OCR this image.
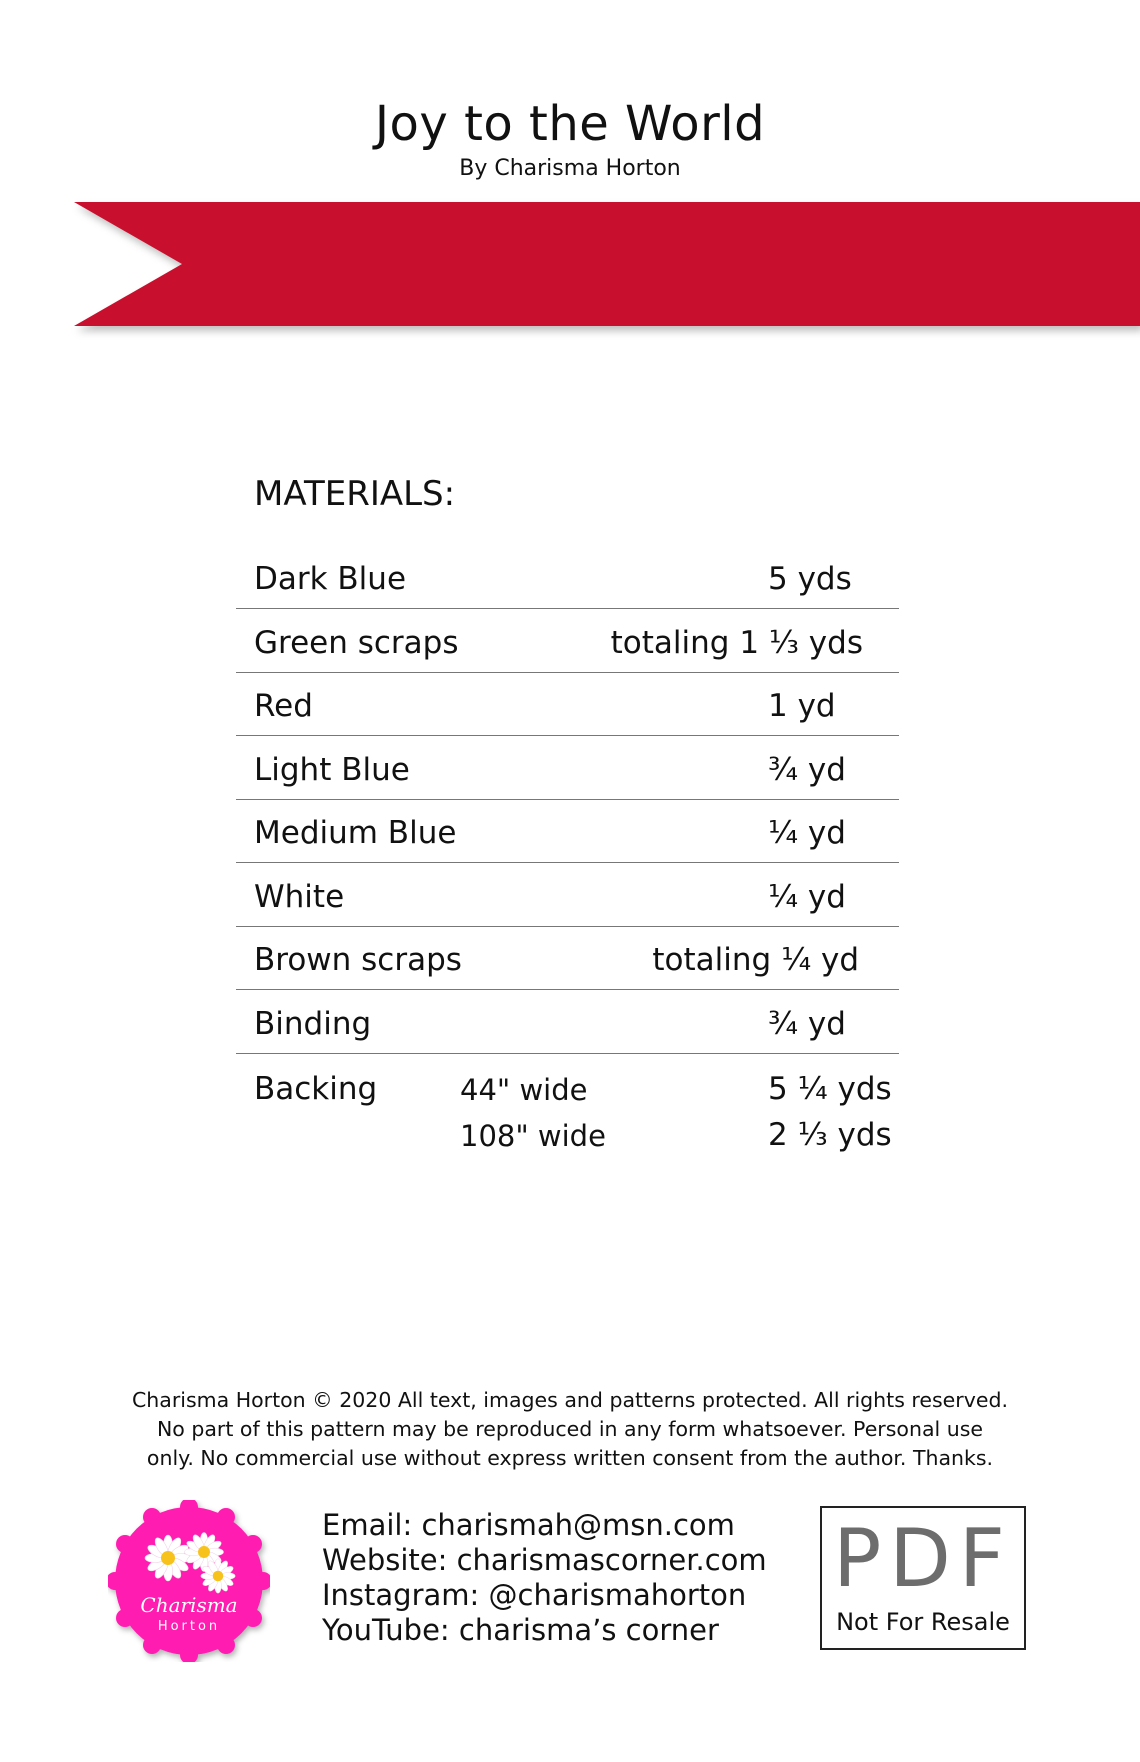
Joy to the World

By Charisma Horton

MATERIALS:
Dark Blue	5 yds
Green scraps	totaling 1 ⅓ yds
Red	1 yd
Light Blue	¾ yd
Medium Blue	¼ yd
White	¼ yd
Brown scraps	totaling ¼ yd
Binding	¾ yd
Backing	44" wide	5 ¼ yds
108" wide	2 ⅓ yds

Charisma Horton © 2020 All text, images and patterns protected. All rights reserved.
No part of this pattern may be reproduced in any form whatsoever. Personal use
only. No commercial use without express written consent from the author. Thanks.

Charisma
Horton
Email: charismah@msn.com
Website: charismascorner.com
Instagram: @charismahorton
YouTube: charisma’s corner
PDF
Not For Resale
